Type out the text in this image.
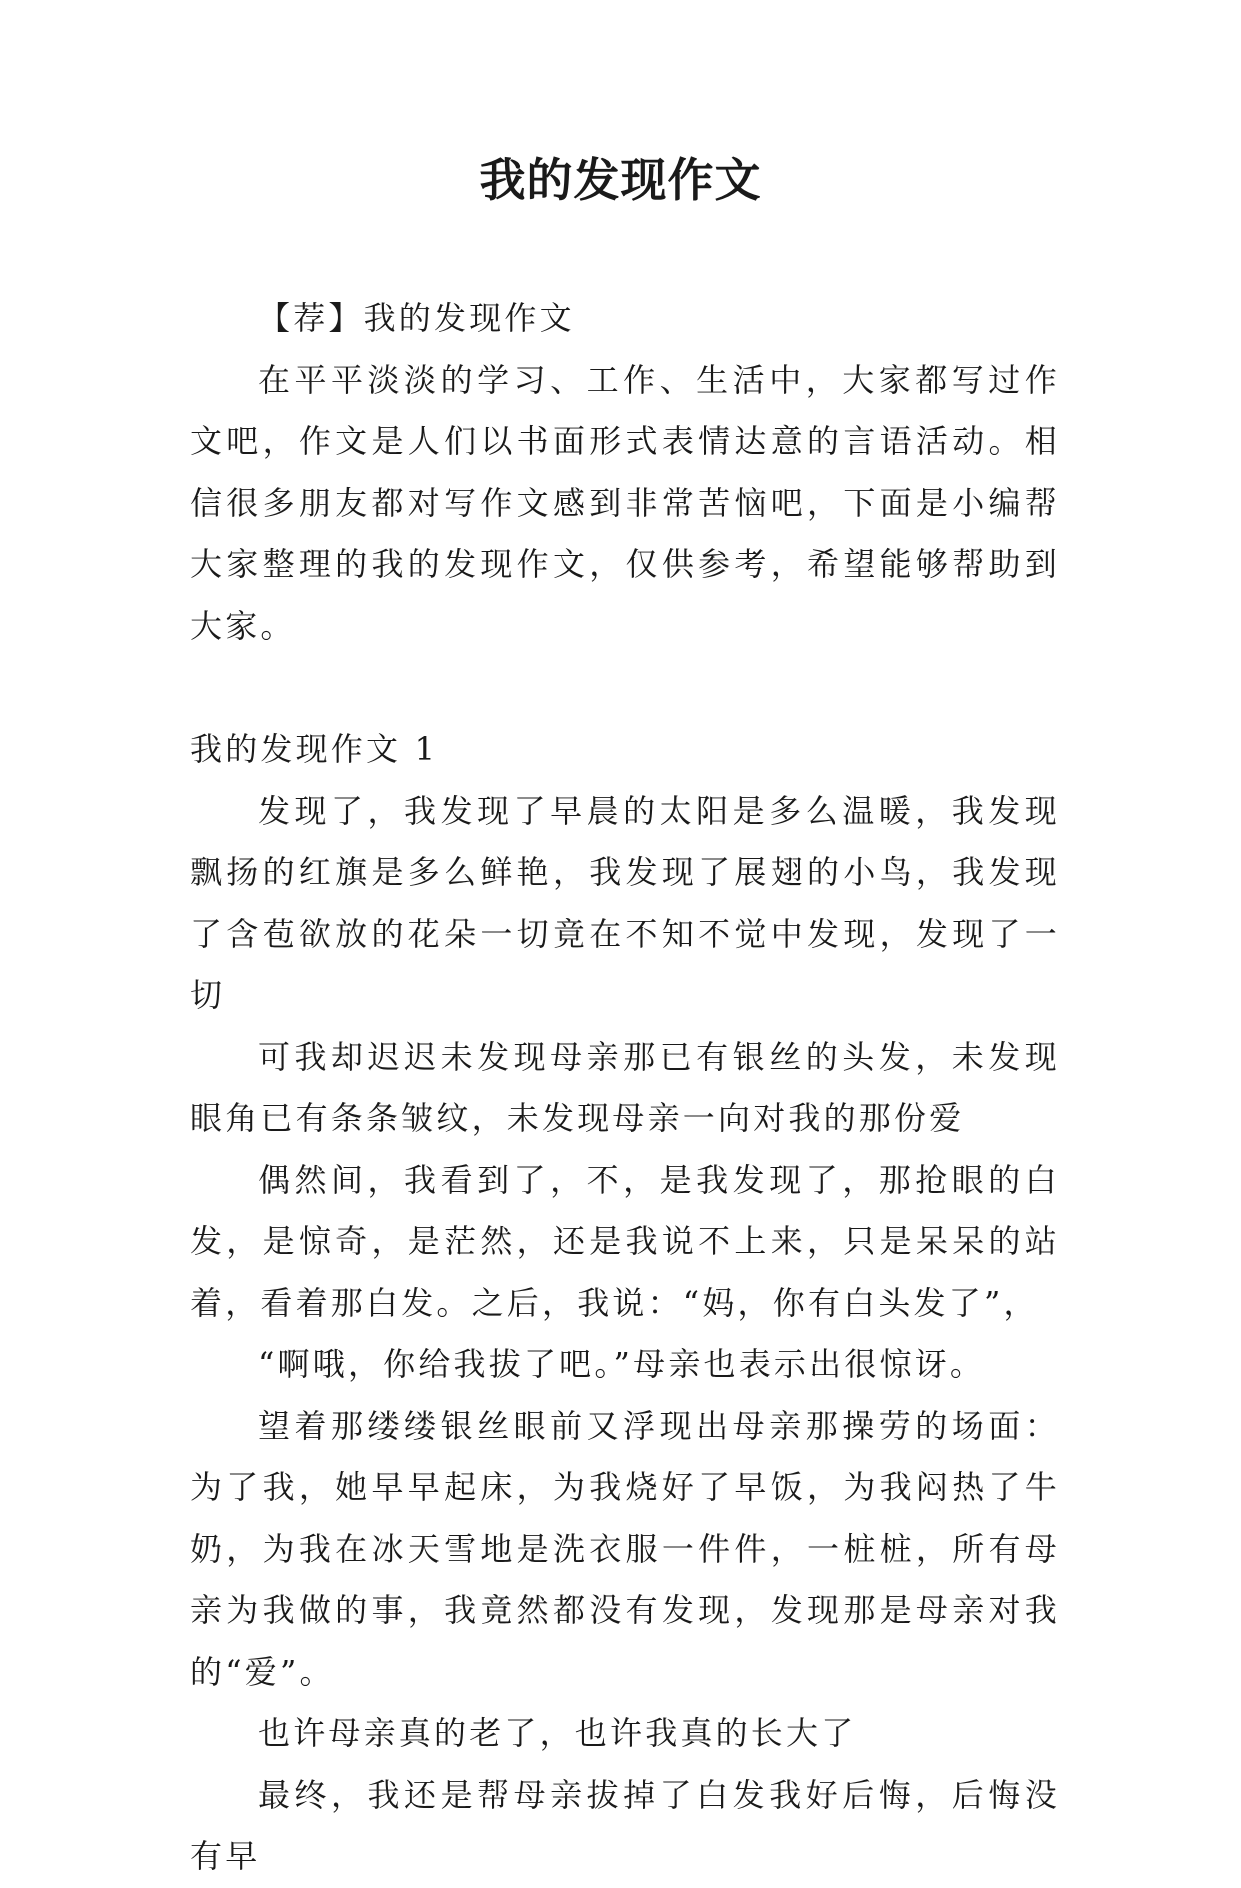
我的发现作文

【荐】我的发现作文

在平平淡淡的学习、工作、生活中，大家都写过作文吧，作文是人们以书面形式表情达意的言语活动。相信很多朋友都对写作文感到非常苦恼吧，下面是小编帮大家整理的我的发现作文，仅供参考，希望能够帮助到大家。

我的发现作文 1

发现了，我发现了早晨的太阳是多么温暖，我发现飘扬的红旗是多么鲜艳，我发现了展翅的小鸟，我发现了含苞欲放的花朵一切竟在不知不觉中发现，发现了一切

可我却迟迟未发现母亲那已有银丝的头发，未发现眼角已有条条皱纹，未发现母亲一向对我的那份爱

偶然间，我看到了，不，是我发现了，那抢眼的白发，是惊奇，是茫然，还是我说不上来，只是呆呆的站着，看着那白发。之后，我说：“妈，你有白头发了”，

“啊哦，你给我拔了吧。”母亲也表示出很惊讶。

望着那缕缕银丝眼前又浮现出母亲那操劳的场面：为了我，她早早起床，为我烧好了早饭，为我闷热了牛奶，为我在冰天雪地是洗衣服一件件，一桩桩，所有母亲为我做的事，我竟然都没有发现，发现那是母亲对我的“爱”。

也许母亲真的老了，也许我真的长大了

最终，我还是帮母亲拔掉了白发我好后悔，后悔没有早
